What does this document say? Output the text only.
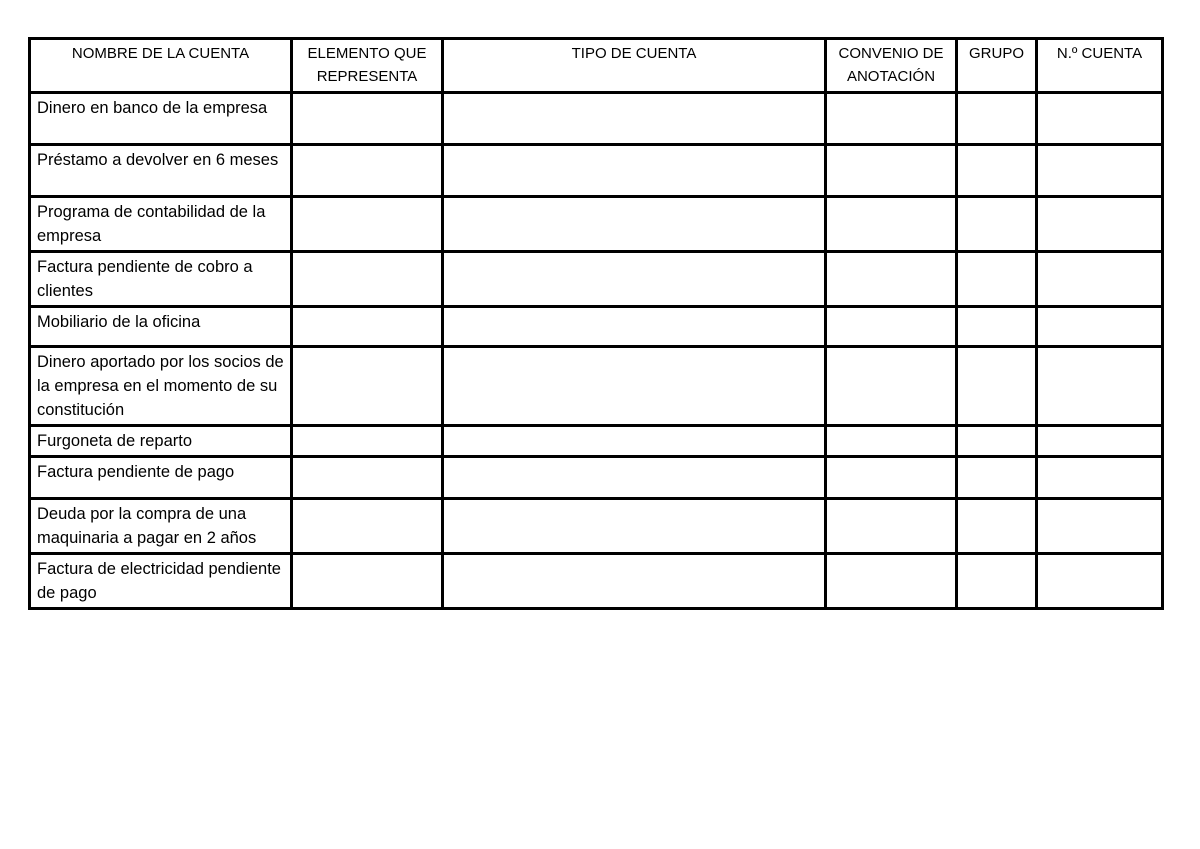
NOMBRE DE LA CUENTA	ELEMENTO QUE REPRESENTA	TIPO DE CUENTA	CONVENIO DE ANOTACIÓN	GRUPO	N.º CUENTA
Dinero en banco de la empresa					
Préstamo a devolver en 6 meses					
Programa de contabilidad de la empresa					
Factura pendiente de cobro a clientes					
Mobiliario de la oficina					
Dinero aportado por los socios de la empresa en el momento de su constitución					
Furgoneta de reparto					
Factura pendiente de pago					
Deuda por la compra de una maquinaria a pagar en 2 años					
Factura de electricidad pendiente de pago					
